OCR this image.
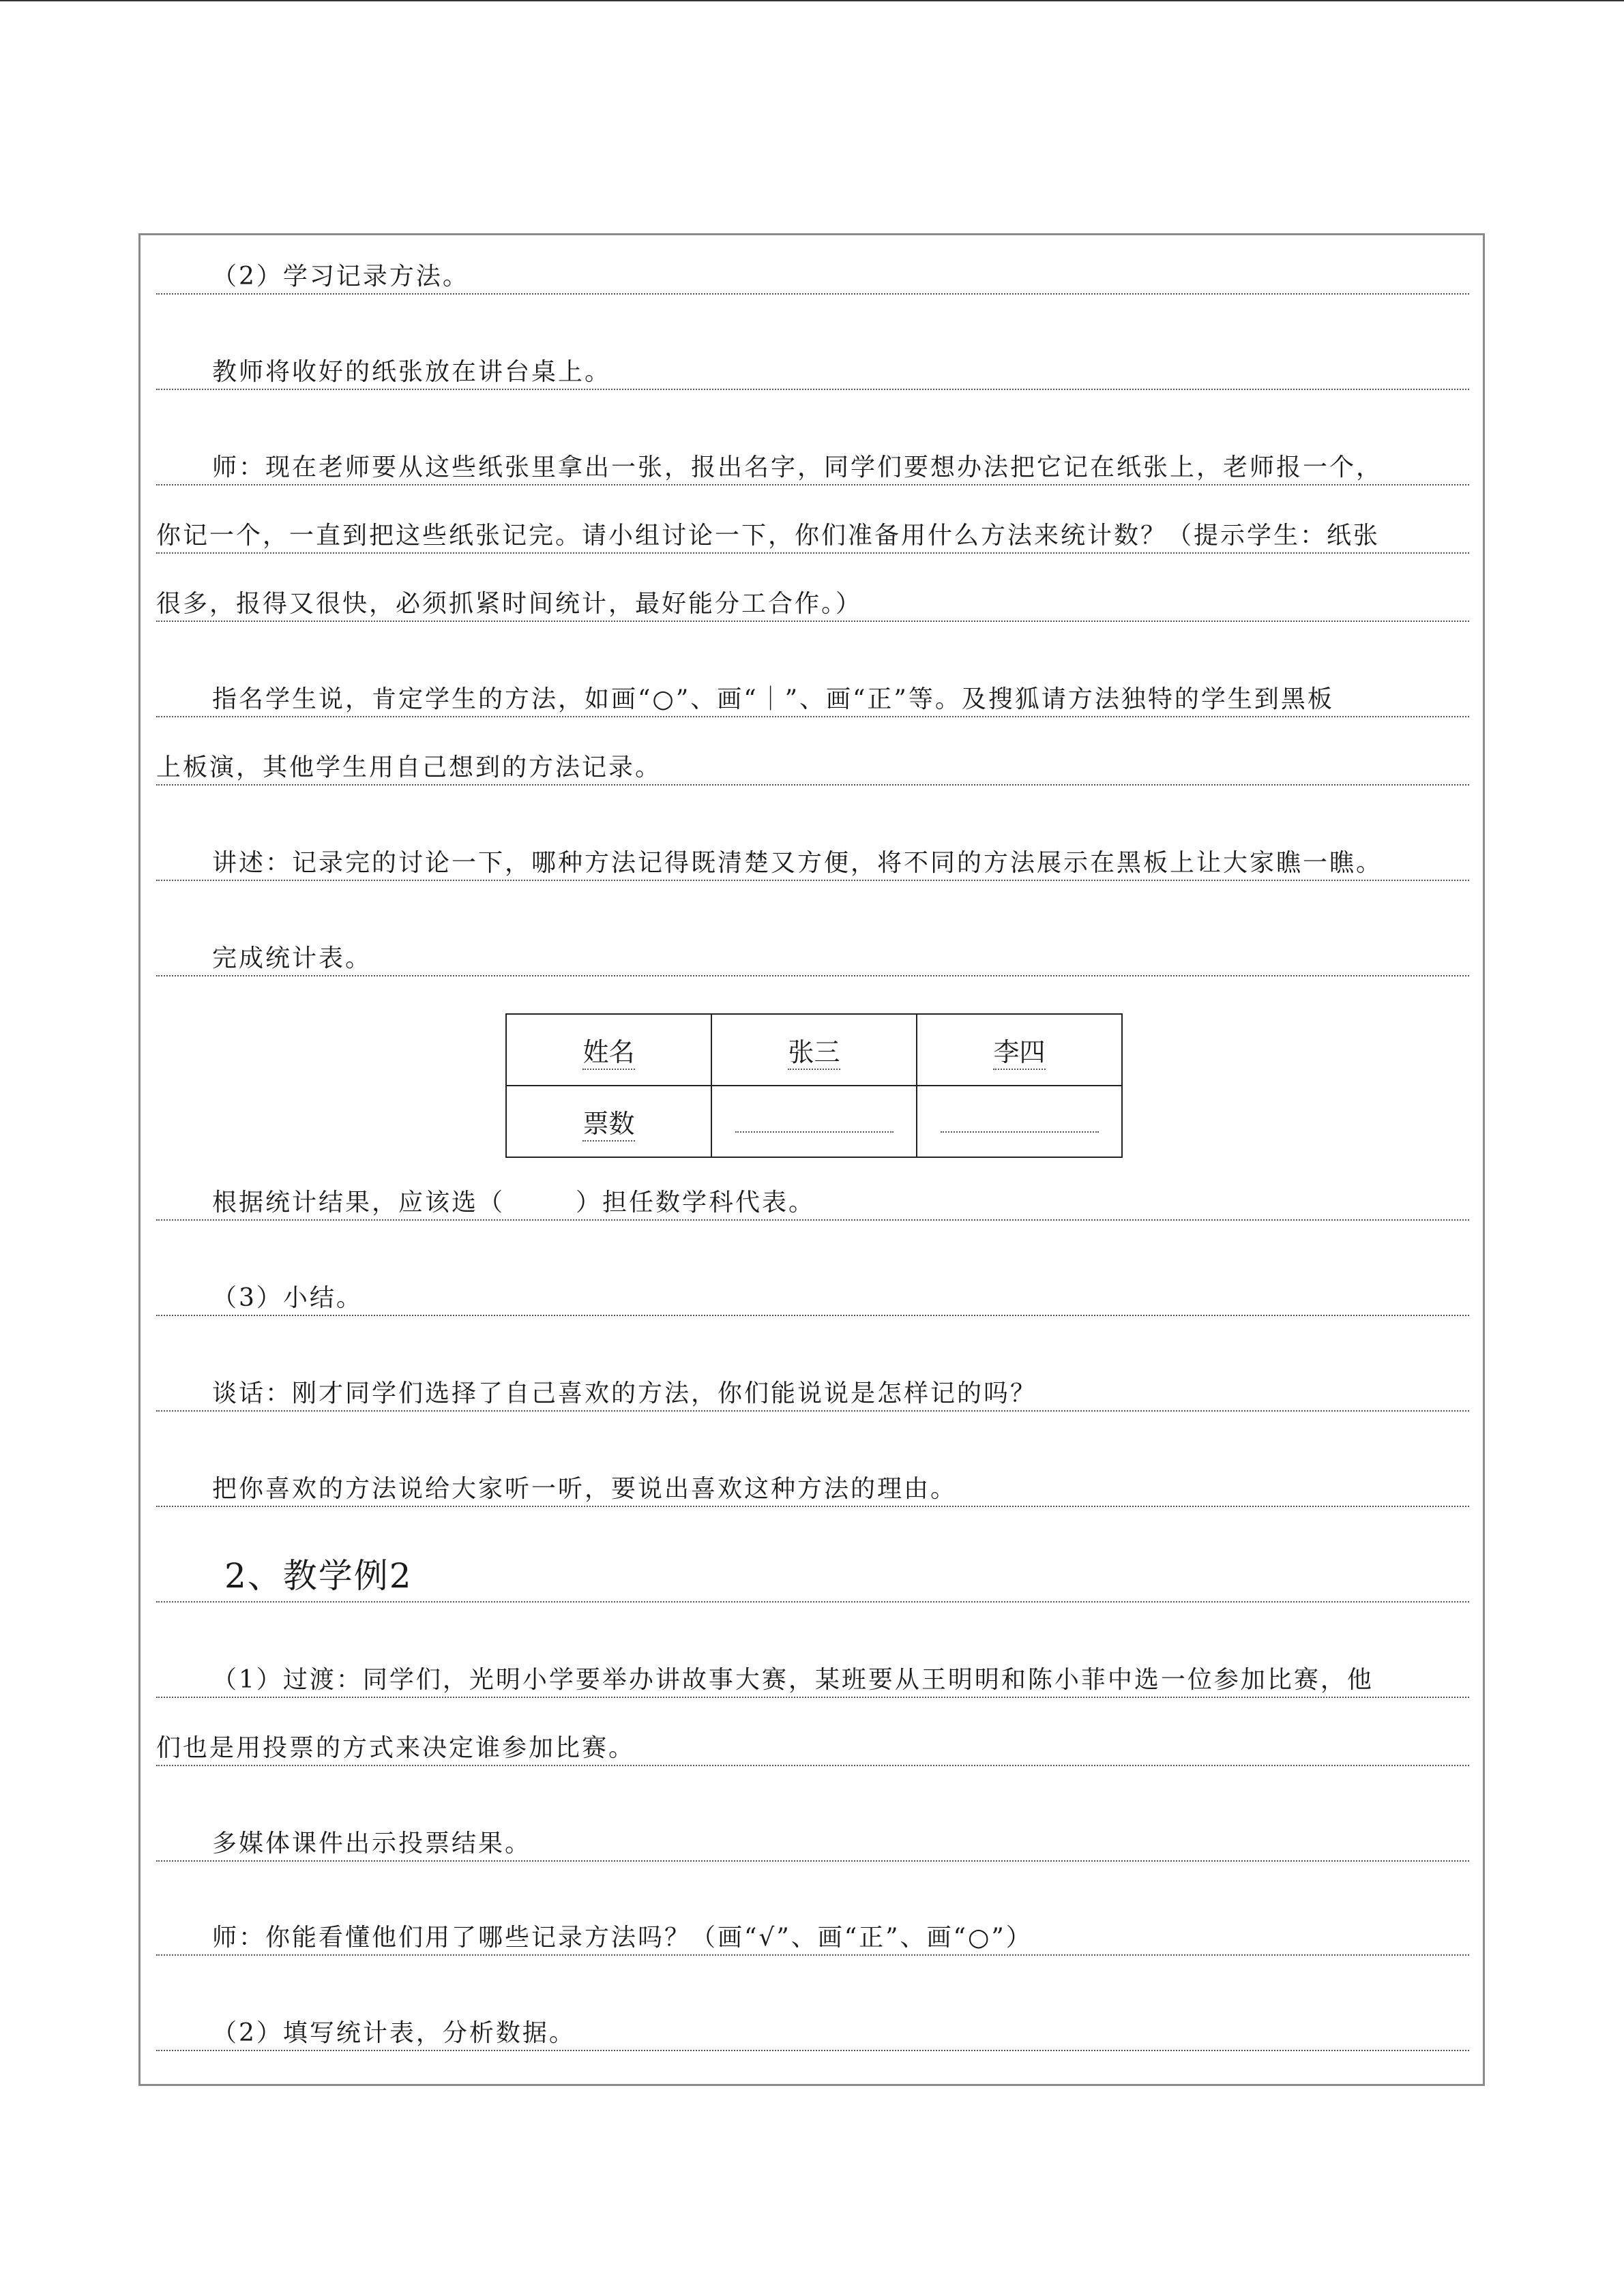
（2）学习记录方法。
教师将收好的纸张放在讲台桌上。
师：现在老师要从这些纸张里拿出一张，报出名字，同学们要想办法把它记在纸张上，老师报一个，
你记一个，一直到把这些纸张记完。请小组讨论一下，你们准备用什么方法来统计数？（提示学生：纸张
很多，报得又很快，必须抓紧时间统计，最好能分工合作。）
指名学生说，肯定学生的方法，如画“○”、画“｜”、画“正”等。及搜狐请方法独特的学生到黑板
上板演，其他学生用自己想到的方法记录。
讲述：记录完的讨论一下，哪种方法记得既清楚又方便，将不同的方法展示在黑板上让大家瞧一瞧。
完成统计表。
姓名	张三	李四
票数		
根据统计结果，应该选（	）担任数学科代表。
（3）小结。
谈话：刚才同学们选择了自己喜欢的方法，你们能说说是怎样记的吗？
把你喜欢的方法说给大家听一听，要说出喜欢这种方法的理由。
2、教学例2
（1）过渡：同学们，光明小学要举办讲故事大赛，某班要从王明明和陈小菲中选一位参加比赛，他
们也是用投票的方式来决定谁参加比赛。
多媒体课件出示投票结果。
师：你能看懂他们用了哪些记录方法吗？（画“√”、画“正”、画“○”）
（2）填写统计表，分析数据。
